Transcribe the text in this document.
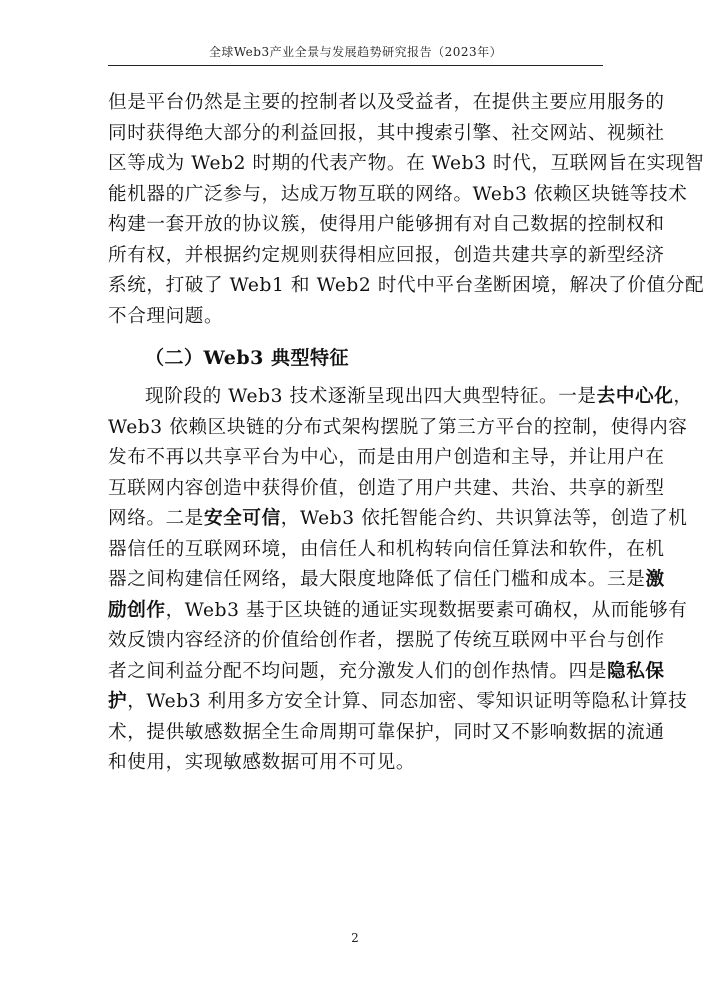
全球Web3产业全景与发展趋势研究报告（2023年）
但是平台仍然是主要的控制者以及受益者，在提供主要应用服务的
同时获得绝大部分的利益回报，其中搜索引擎、社交网站、视频社
区等成为 Web2 时期的代表产物。在 Web3 时代，互联网旨在实现智
能机器的广泛参与，达成万物互联的网络。Web3 依赖区块链等技术
构建一套开放的协议簇，使得用户能够拥有对自己数据的控制权和
所有权，并根据约定规则获得相应回报，创造共建共享的新型经济
系统，打破了 Web1 和 Web2 时代中平台垄断困境，解决了价值分配
不合理问题。
（二）Web3 典型特征
现阶段的 Web3 技术逐渐呈现出四大典型特征。一是去中心化，
Web3 依赖区块链的分布式架构摆脱了第三方平台的控制，使得内容
发布不再以共享平台为中心，而是由用户创造和主导，并让用户在
互联网内容创造中获得价值，创造了用户共建、共治、共享的新型
网络。二是安全可信，Web3 依托智能合约、共识算法等，创造了机
器信任的互联网环境，由信任人和机构转向信任算法和软件，在机
器之间构建信任网络，最大限度地降低了信任门槛和成本。三是激
励创作，Web3 基于区块链的通证实现数据要素可确权，从而能够有
效反馈内容经济的价值给创作者，摆脱了传统互联网中平台与创作
者之间利益分配不均问题，充分激发人们的创作热情。四是隐私保
护，Web3 利用多方安全计算、同态加密、零知识证明等隐私计算技
术，提供敏感数据全生命周期可靠保护，同时又不影响数据的流通
和使用，实现敏感数据可用不可见。
2
